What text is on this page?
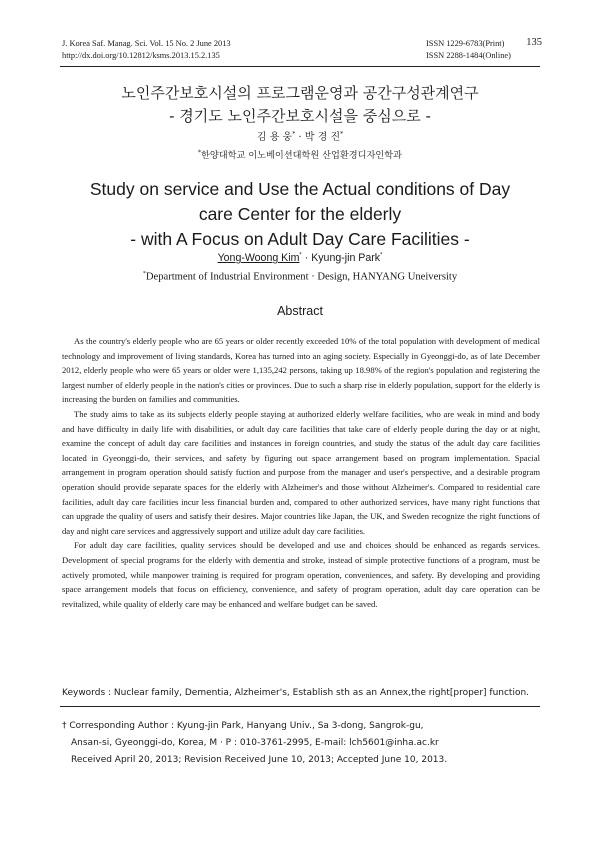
J. Korea Saf. Manag. Sci. Vol. 15 No. 2 June 2013
http://dx.doi.org/10.12812/ksms.2013.15.2.135
ISSN 1229-6783(Print)
ISSN 2288-1484(Online)
135
노인주간보호시설의 프로그램운영과 공간구성관계연구
- 경기도 노인주간보호시설을 중심으로 -
김 용 웅* · 박 경 진*
*한양대학교 이노베이션대학원 산업환경디자인학과
Study on service and Use the Actual conditions of Day
care Center for the elderly
- with A Focus on Adult Day Care Facilities -
Yong-Woong Kim* · Kyung-jin Park*
*Department of Industrial Environment · Design, HANYANG Uneiversity
Abstract

As the country's elderly people who are 65 years or older recently exceeded 10% of the total population with development of medical technology and improvement of living standards, Korea has turned into an aging society. Especially in Gyeonggi-do, as of late December 2012, elderly people who were 65 years or older were 1,135,242 persons, taking up 18.98% of the region's population and registering the largest number of elderly people in the nation's cities or provinces. Due to such a sharp rise in elderly population, support for the elderly is increasing the burden on families and communities.

The study aims to take as its subjects elderly people staying at authorized elderly welfare facilities, who are weak in mind and body and have difficulty in daily life with disabilities, or adult day care facilities that take care of elderly people during the day or at night, examine the concept of adult day care facilities and instances in foreign countries, and study the status of the adult day care facilities located in Gyeonggi-do, their services, and safety by figuring out space arrangement based on program implementation. Spacial arrangement in program operation should satisfy fuction and purpose from the manager and user's perspective, and a desirable program operation should provide separate spaces for the elderly with Alzheimer's and those without Alzheimer's. Compared to residential care facilities, adult day care facilities incur less financial burden and, compared to other authorized services, have many right functions that can upgrade the quality of users and satisfy their desires. Major countries like Japan, the UK, and Sweden recognize the right functions of day and night care services and aggressively support and utilize adult day care facilities.

For adult day care facilities, quality services should be developed and use and choices should be enhanced as regards services. Development of special programs for the elderly with dementia and stroke, instead of simple protective functions of a program, must be actively promoted, while manpower training is required for program operation, conveniences, and safety. By developing and providing space arrangement models that focus on efficiency, convenience, and safety of program operation, adult day care operation can be revitalized, while quality of elderly care may be enhanced and welfare budget can be saved.

Keywords : Nuclear family, Dementia, Alzheimer's, Establish sth as an Annex,the right[proper] function.
† Corresponding Author : Kyung-jin Park, Hanyang Univ., Sa 3-dong, Sangrok-gu,
Ansan-si, Gyeonggi-do, Korea, M · P : 010-3761-2995, E-mail: lch5601@inha.ac.kr
Received April 20, 2013; Revision Received June 10, 2013; Accepted June 10, 2013.
